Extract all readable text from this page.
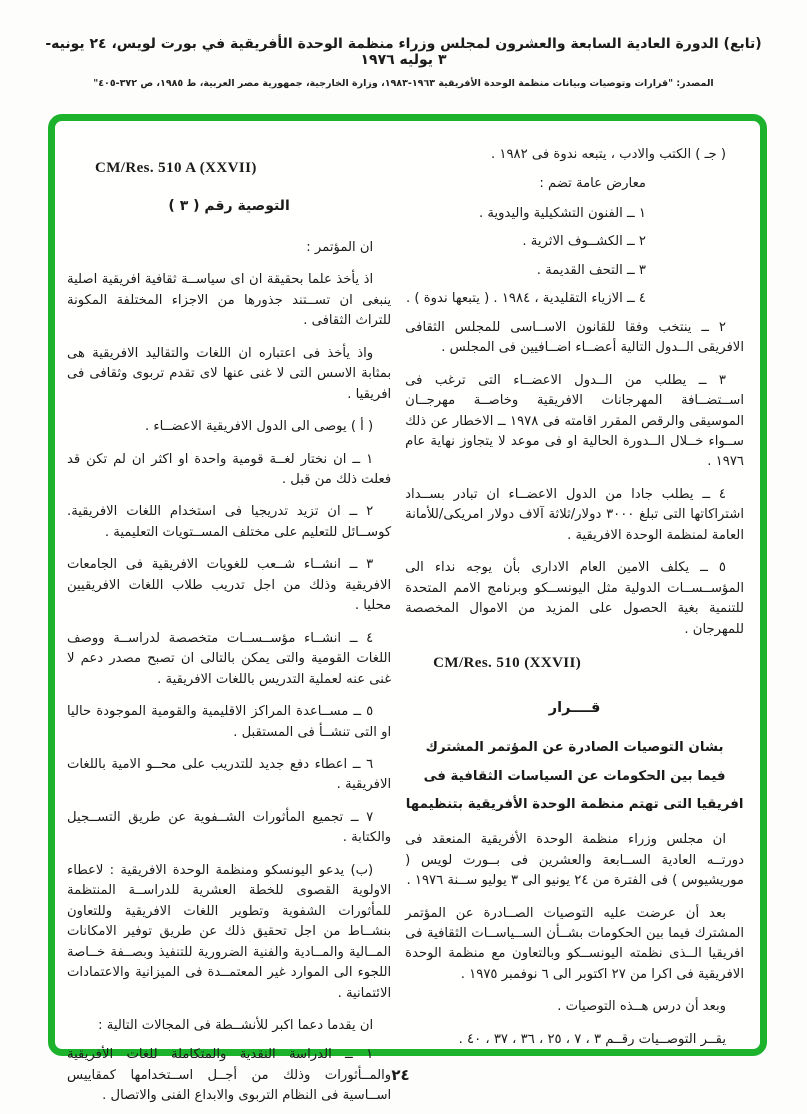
(تابع) الدورة العادية السابعة والعشرون لمجلس وزراء منظمة الوحدة الأفريقية في بورت لويس، ٢٤ يونيه- ٣ يوليه ١٩٧٦
المصدر: "قرارات وتوصيات وبيانات منظمة الوحدة الأفريقية ١٩٦٣-١٩٨٣، وزارة الخارجية، جمهورية مصر العربية، ط ١٩٨٥، ص ٣٧٢-٤٠٥"
CM/Res. 510 A (XXVII)
التوصية رقم ( ٣ )

ان المؤتمر :

اذ يأخذ علما بحقيقة ان اى سياســة ثقافية افريقية اصلية ينبغى ان تســتند جذورها من الاجزاء المختلفة المكونة للتراث الثقافى .

واذ يأخذ فى اعتباره ان اللغات والتقاليد الافريقية هى بمثابة الاسس التى لا غنى عنها لاى تقدم تربوى وثقافى فى افريقيا .

( أ ) يوصى الى الدول الافريقية الاعضــاء .

١ ــ ان نختار لغــة قومية واحدة او اكثر ان لم تكن قد فعلت ذلك من قبل .

٢ ــ ان تزيد تدريجيا فى استخدام اللغات الافريقية. كوســائل للتعليم على مختلف المســتويات التعليمية .

٣ ــ انشــاء شــعب للغويات الافريقية فى الجامعات الافريقية وذلك من اجل تدريب طلاب اللغات الافريقيين محليا .

٤ ــ انشــاء مؤســســات متخصصة لدراســة ووصف اللغات القومية والتى يمكن بالتالى ان تصبح مصدر دعم لا غنى عنه لعملية التدريس باللغات الافريقية .

٥ ــ مســاعدة المراكز الاقليمية والقومية الموجودة حاليا او التى تنشــأ فى المستقبل .

٦ ــ اعطاء دفع جديد للتدريب على محــو الامية باللغات الافريقية .

٧ ــ تجميع المأثورات الشــفوية عن طريق التســجيل والكتابة .

(ب) يدعو اليونسكو ومنظمة الوحدة الافريقية : لاعطاء الاولوية القصوى للخطة العشرية للدراســة المنتظمة للمأثورات الشفوية وتطوير اللغات الافريقية وللتعاون بنشــاط من اجل تحقيق ذلك عن طريق توفير الامكانات المــالية والمــادية والفنية الضرورية للتنفيذ وبصــفة خــاصة اللجوء الى الموارد غير المعتمــدة فى الميزانية والاعتمادات الائتمانية .

ان يقدما دعما اكبر للأنشــطة فى المجالات التالية :

١ ــ الدراسة النقدية والمتكاملة للغات الأفريقية والمــأثورات وذلك من أجــل اســتخدامها كمقاييس اســاسية فى النظام التربوى والابداع الفنى والاتصال .

( جـ ) الكتب والادب ، يتبعه ندوة فى ١٩٨٢ .

معارض عامة تضم :

١ ــ الفنون التشكيلية واليدوية .

٢ ــ الكشــوف الاثرية .

٣ ــ التحف القديمة .

٤ ــ الازياء التقليدية ، ١٩٨٤ . ( يتبعها ندوة ) .

٢ ــ ينتخب وفقا للقانون الاســاسى للمجلس الثقافى الافريقى الــدول التالية أعضــاء اضــافيين فى المجلس .

٣ ــ يطلب من الــدول الاعضــاء التى ترغب فى اســتضــافة المهرجانات الافريقية وخاصــة مهرجــان الموسيقى والرقص المقرر اقامته فى ١٩٧٨ ــ الاخطار عن ذلك ســواء خــلال الــدورة الحالية او فى موعد لا يتجاوز نهاية عام ١٩٧٦ .

٤ ــ يطلب جادا من الدول الاعضــاء ان تبادر بســداد اشتراكاتها التى تبلغ ٣٠٠٠ دولار/ثلاثة آلاف دولار امريكى/للأمانة العامة لمنظمة الوحدة الافريقية .

٥ ــ يكلف الامين العام الادارى بأن يوجه نداء الى المؤســســات الدولية مثل اليونســكو وبرنامج الامم المتحدة للتنمية بغية الحصول على المزيد من الاموال المخصصة للمهرجان .

CM/Res. 510 (XXVII)
قــــرار
بشان التوصيات الصادرة عن المؤتمر المشترك
فيما بين الحكومات عن السياسات الثقافية فى
افريقيا التى تهتم منظمة الوحدة الأفريقية بتنظيمها

ان مجلس وزراء منظمة الوحدة الأفريقية المنعقد فى دورتــه العادية الســابعة والعشرين فى بــورت لويس ( موريشيوس ) فى الفترة من ٢٤ يونيو الى ٣ يوليو ســنة ١٩٧٦ .

بعد أن عرضت عليه التوصيات الصــادرة عن المؤتمر المشترك فيما بين الحكومات بشــأن الســياســات الثقافية فى افريقيا الــذى نظمته اليونســكو وبالتعاون مع منظمة الوحدة الافريقية فى اكرا من ٢٧ اكتوبر الى ٦ نوفمبر ١٩٧٥ .

وبعد أن درس هــذه التوصيات .

يقــر التوصــيات رقــم ٣ ، ٧ ، ٢٥ ، ٣٦ ، ٣٧ ، ٤٠ .

٢٤
